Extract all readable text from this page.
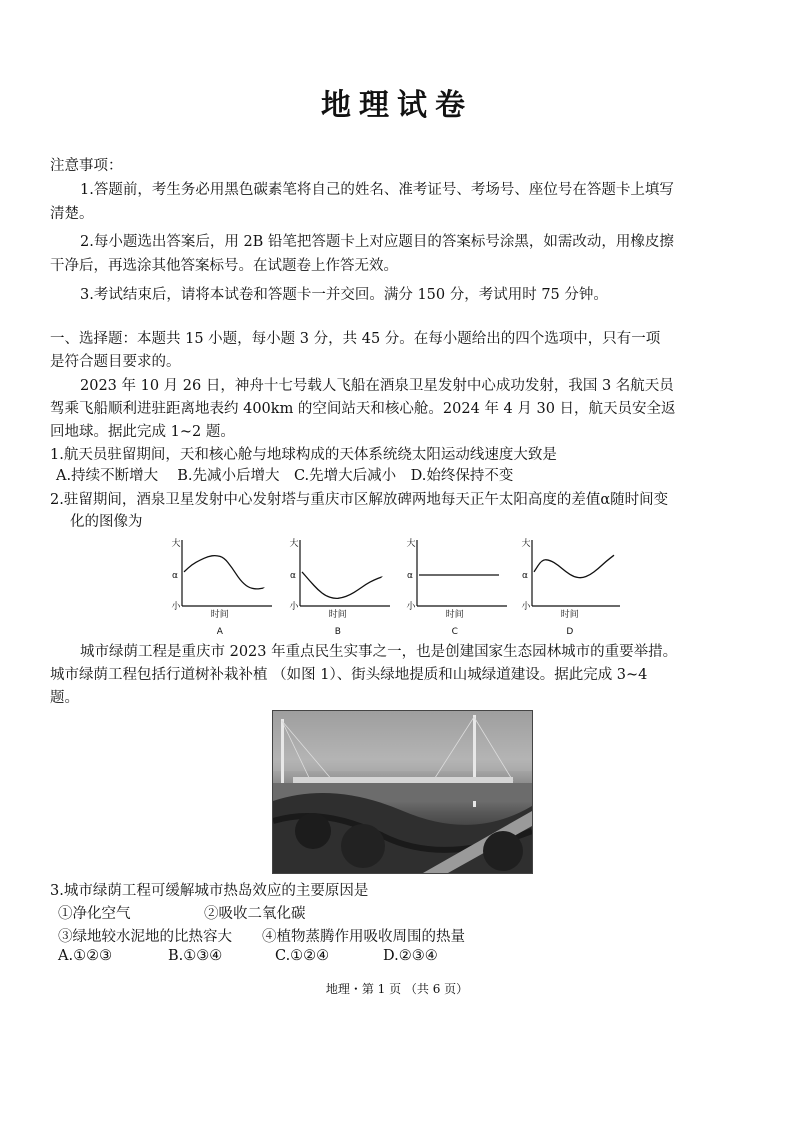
地理试卷
注意事项：
1.答题前，考生务必用黑色碳素笔将自己的姓名、准考证号、考场号、座位号在答题卡上填写
清楚。
2.每小题选出答案后，用 2B 铅笔把答题卡上对应题目的答案标号涂黑，如需改动，用橡皮擦
干净后，再选涂其他答案标号。在试题卷上作答无效。
3.考试结束后，请将本试卷和答题卡一并交回。满分 150 分，考试用时 75 分钟。
一、选择题：本题共 15 小题，每小题 3 分，共 45 分。在每小题给出的四个选项中，只有一项
是符合题目要求的。
2023 年 10 月 26 日，神舟十七号载人飞船在酒泉卫星发射中心成功发射，我国 3 名航天员
驾乘飞船顺利进驻距离地表约 400km 的空间站天和核心舱。2024 年 4 月 30 日，航天员安全返
回地球。据此完成 1~2 题。
1.航天员驻留期间，天和核心舱与地球构成的天体系统绕太阳运动线速度大致是
A.持续不断增大　 B.先减小后增大　C.先增大后减小　D.始终保持不变
2.驻留期间，酒泉卫星发射中心发射塔与重庆市区解放碑两地每天正午太阳高度的差值α随时间变
化的图像为
大
α
小
时间
A
大
α
小
时间
B
大
α
小
时间
C
大
α
小
时间
D
城市绿荫工程是重庆市 2023 年重点民生实事之一，也是创建国家生态园林城市的重要举措。
城市绿荫工程包括行道树补栽补植 （如图 1）、街头绿地提质和山城绿道建设。据此完成 3~4
题。
3.城市绿荫工程可缓解城市热岛效应的主要原因是
①净化空气	②吸收二氧化碳
③绿地较水泥地的比热容大 ④植物蒸腾作用吸收周围的热量
A.①②③	B.①③④	C.①②④	D.②③④
地理・第 1 页 （共 6 页）
